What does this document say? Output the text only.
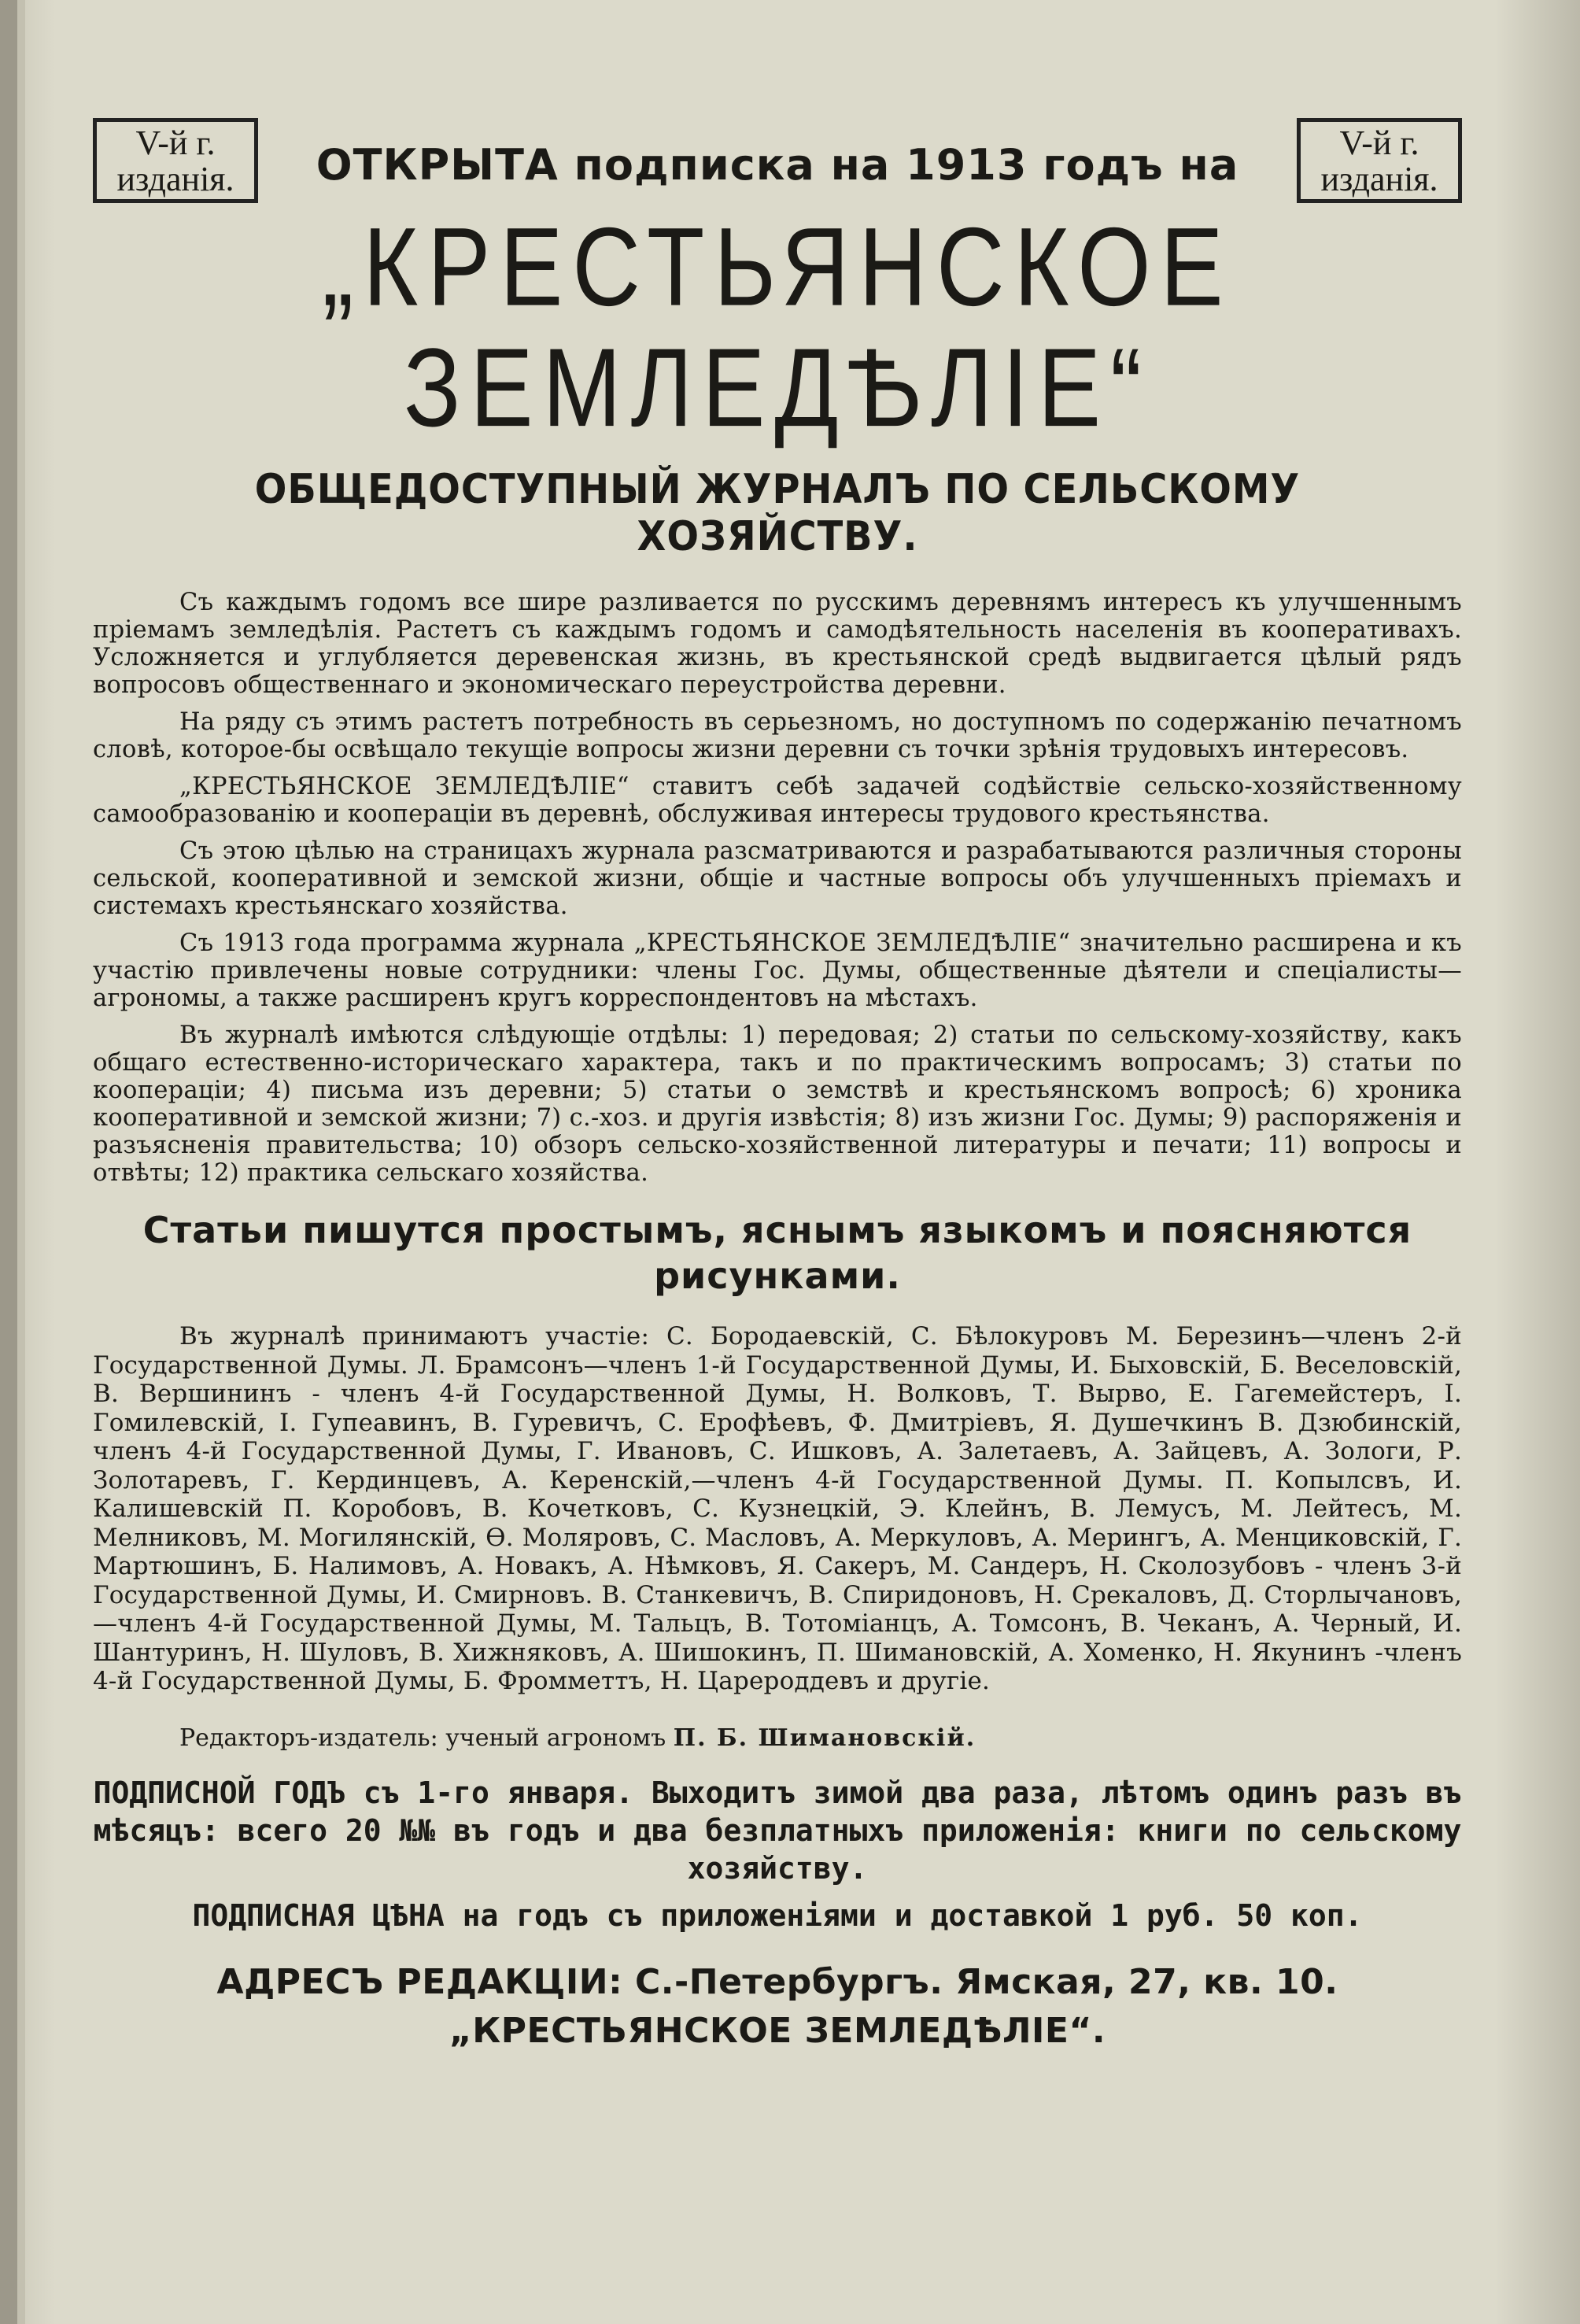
V-й г.
изданія.	ОТКРЫТА подписка на 1913 годъ на	V-й г.
изданія.
„КРЕСТЬЯНСКОЕ ЗЕМЛЕДѢЛІЕ“
ОБЩЕДОСТУПНЫЙ ЖУРНАЛЪ ПО СЕЛЬСКОМУ ХОЗЯЙСТВУ.

Съ каждымъ годомъ все шире разливается по русскимъ деревнямъ интересъ къ улучшеннымъ пріемамъ земледѣлія. Растетъ съ каждымъ годомъ и самодѣятельность населенія въ кооперативахъ. Усложняется и углубляется деревенская жизнь, въ крестьянской средѣ выдвигается цѣлый рядъ вопросовъ общественнаго и экономическаго переустройства деревни.

На ряду съ этимъ растетъ потребность въ серьезномъ, но доступномъ по содержанію печатномъ словѣ, которое-бы освѣщало текущіе вопросы жизни деревни съ точки зрѣнія трудовыхъ интересовъ.

„КРЕСТЬЯНСКОЕ ЗЕМЛЕДѢЛІЕ“ ставитъ себѣ задачей содѣйствіе сельско-хозяйственному самообразованію и коопераціи въ деревнѣ, обслуживая интересы трудового крестьянства.

Съ этою цѣлью на страницахъ журнала разсматриваются и разрабатываются различныя стороны сельской, кооперативной и земской жизни, общіе и частные вопросы объ улучшенныхъ пріемахъ и системахъ крестьянскаго хозяйства.

Съ 1913 года программа журнала „КРЕСТЬЯНСКОЕ ЗЕМЛЕДѢЛІЕ“ значительно расширена и къ участію привлечены новые сотрудники: члены Гос. Думы, общественные дѣятели и спеціалисты—агрономы, а также расширенъ кругъ корреспондентовъ на мѣстахъ.

Въ журналѣ имѣются слѣдующіе отдѣлы: 1) передовая; 2) статьи по сельскому-хозяйству, какъ общаго естественно-историческаго характера, такъ и по практическимъ вопросамъ; 3) статьи по коопераціи; 4) письма изъ деревни; 5) статьи о земствѣ и крестьянскомъ вопросѣ; 6) хроника кооперативной и земской жизни; 7) с.-хоз. и другія извѣстія; 8) изъ жизни Гос. Думы; 9) распоряженія и разъясненія правительства; 10) обзоръ сельско-хозяйственной литературы и печати; 11) вопросы и отвѣты; 12) практика сельскаго хозяйства.

Статьи пишутся простымъ, яснымъ языкомъ и поясняются рисунками.

Въ журналѣ принимаютъ участіе: С. Бородаевскій, С. Бѣлокуровъ М. Березинъ—членъ 2-й Государственной Думы. Л. Брамсонъ—членъ 1-й Государственной Думы, И. Быховскій, Б. Веселовскій, В. Вершининъ - членъ 4-й Государственной Думы, Н. Волковъ, Т. Вырво, Е. Гагемейстеръ, І. Гомилевскій, І. Гупеавинъ, В. Гуревичъ, С. Ерофѣевъ, Ф. Дмитріевъ, Я. Душечкинъ В. Дзюбинскій, членъ 4-й Государственной Думы, Г. Ивановъ, С. Ишковъ, А. Залетаевъ, А. Зайцевъ, А. Зологи, Р. Золотаревъ, Г. Кердинцевъ, А. Керенскій,—членъ 4-й Государственной Думы. П. Копылсвъ, И. Калишевскій П. Коробовъ, В. Кочетковъ, С. Кузнецкій, Э. Клейнъ, В. Лемусъ, М. Лейтесъ, М. Мелниковъ, М. Могилянскій, Ѳ. Моляровъ, С. Масловъ, А. Меркуловъ, А. Мерингъ, А. Менциковскій, Г. Мартюшинъ, Б. Налимовъ, А. Новакъ, А. Нѣмковъ, Я. Сакеръ, М. Сандеръ, Н. Сколозубовъ - членъ 3-й Государственной Думы, И. Смирновъ. В. Станкевичъ, В. Спиридоновъ, Н. Срекаловъ, Д. Сторлычановъ,—членъ 4-й Государственной Думы, М. Тальцъ, В. Тотоміанцъ, А. Томсонъ, В. Чеканъ, А. Черный, И. Шантуринъ, Н. Шуловъ, В. Хижняковъ, А. Шишокинъ, П. Шимановскій, А. Хоменко, Н. Якунинъ -членъ 4-й Государственной Думы, Б. Фромметтъ, Н. Царероддевъ и другіе.

Редакторъ-издатель: ученый агрономъ П. Б. Шимановскій.

ПОДПИСНОЙ ГОДЪ съ 1-го января. Выходитъ зимой два раза, лѣтомъ одинъ разъ въ мѣсяцъ: всего 20 №№ въ годъ и два безплатныхъ приложенія: книги по сельскому хозяйству.

ПОДПИСНАЯ ЦѢНА на годъ съ приложеніями и доставкой 1 руб. 50 коп.

АДРЕСЪ РЕДАКЦІИ: С.-Петербургъ. Ямская, 27, кв. 10.
„КРЕСТЬЯНСКОЕ ЗЕМЛЕДѢЛІЕ“.
